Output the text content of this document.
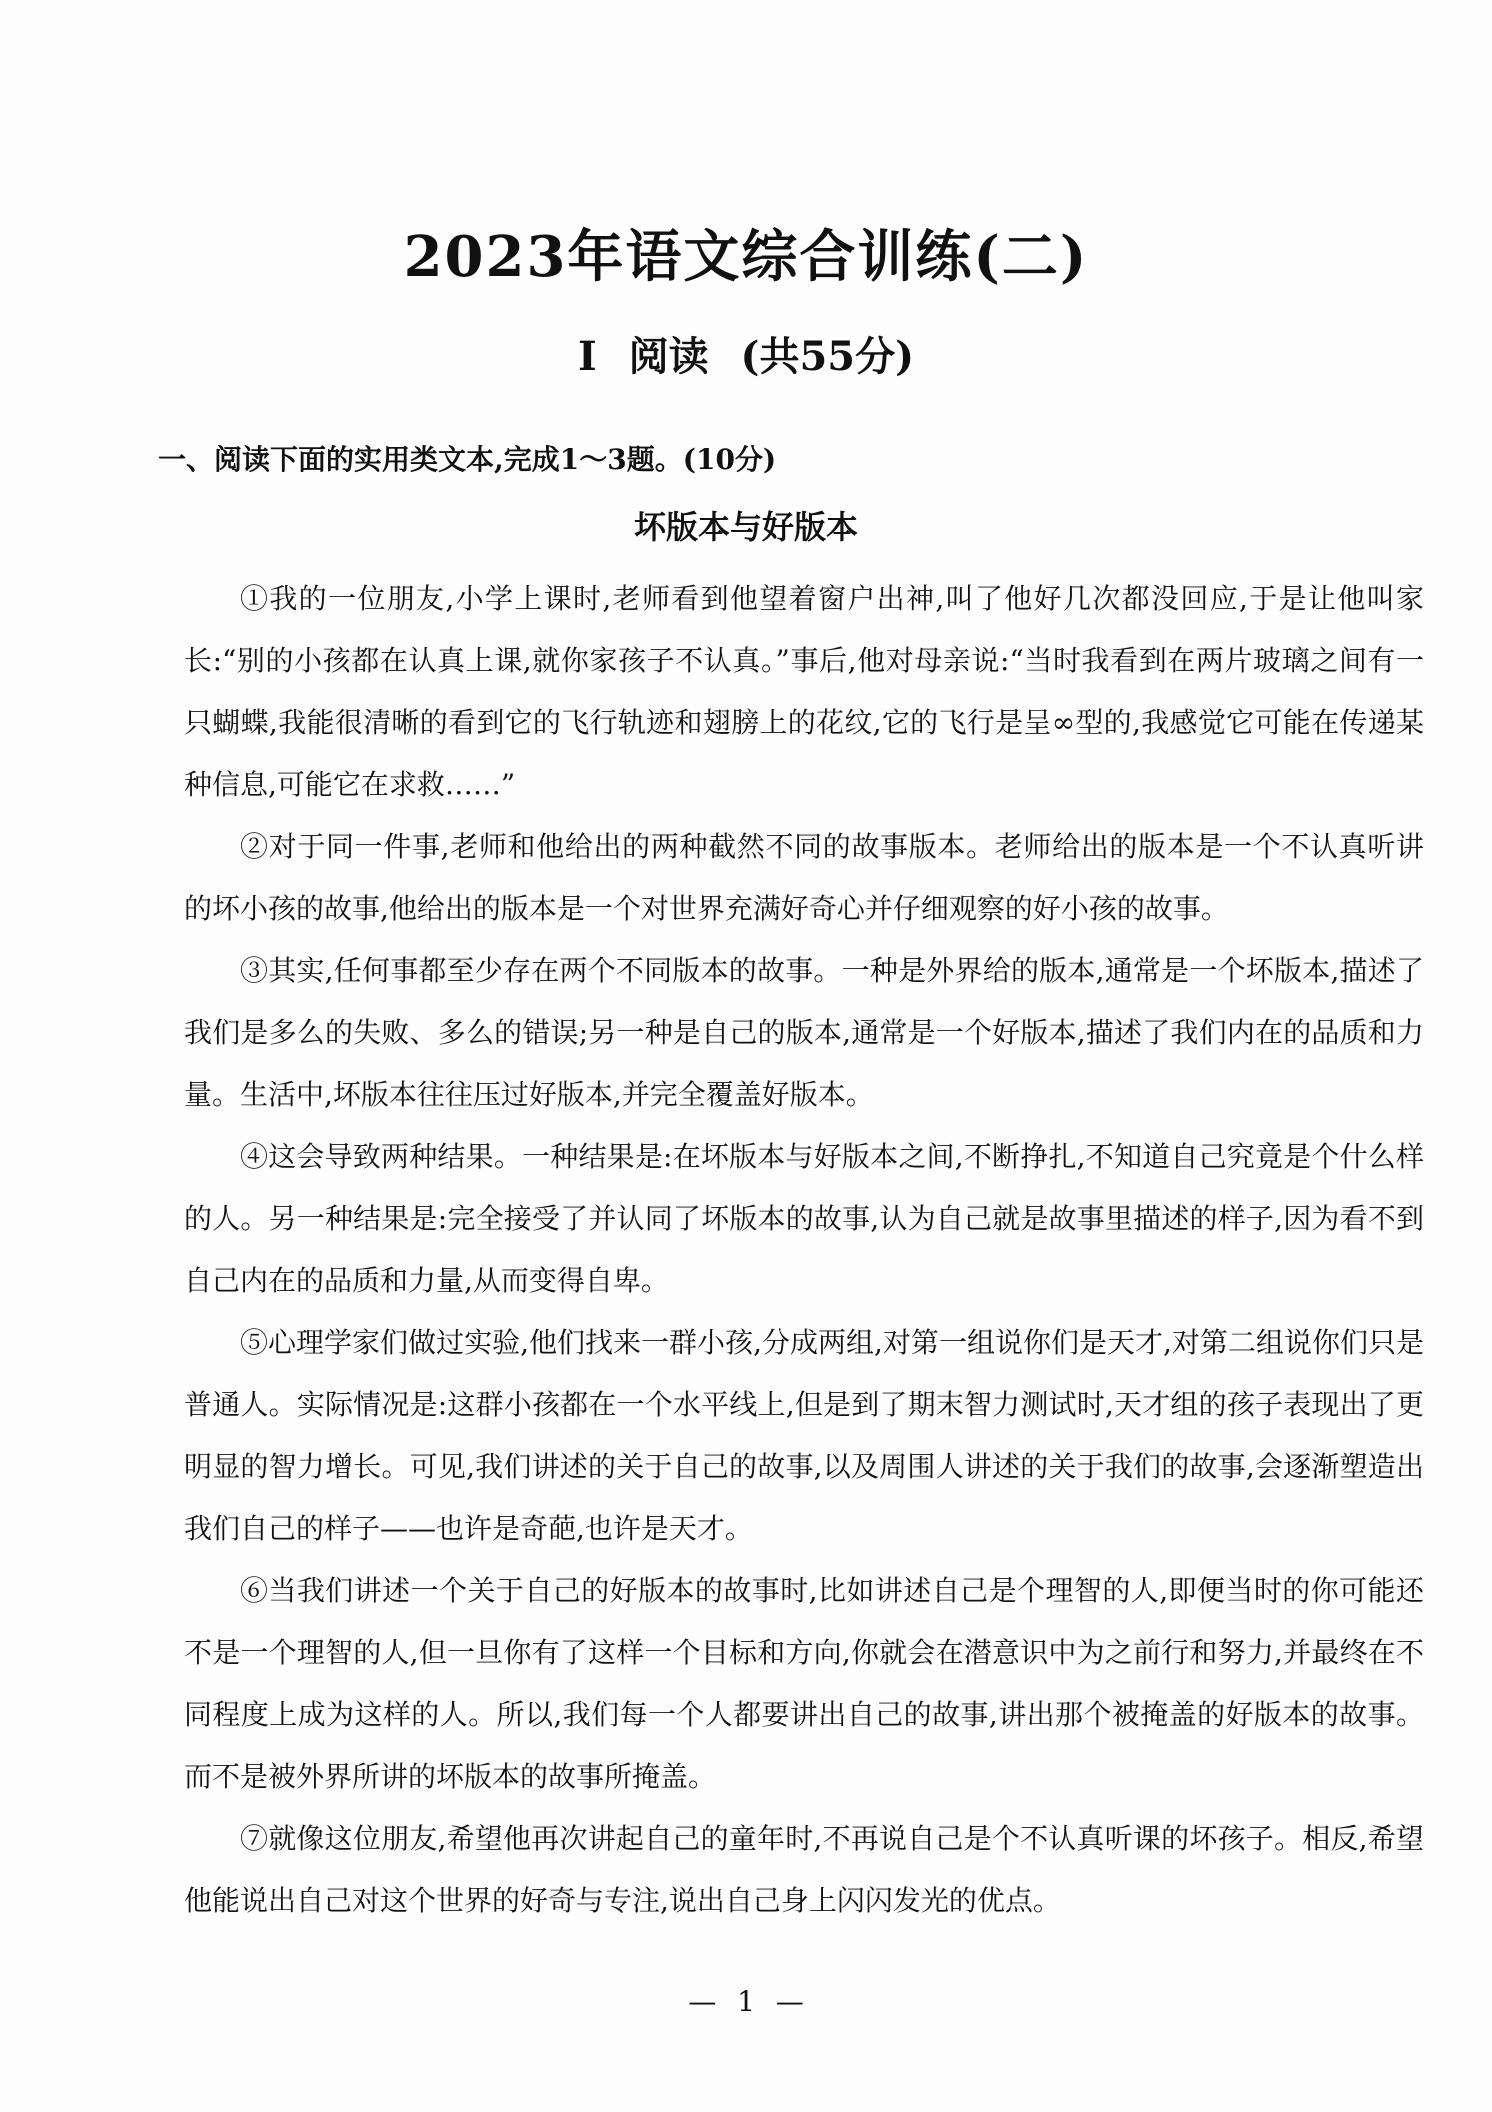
2023年语文综合训练(二)
Ⅰ 阅读 (共55分)
一、阅读下面的实用类文本,完成1～3题。(10分)
坏版本与好版本

①我的一位朋友,小学上课时,老师看到他望着窗户出神,叫了他好几次都没回应,于是让他叫家长:“别的小孩都在认真上课,就你家孩子不认真。”事后,他对母亲说:“当时我看到在两片玻璃之间有一只蝴蝶,我能很清晰的看到它的飞行轨迹和翅膀上的花纹,它的飞行是呈∞型的,我感觉它可能在传递某种信息,可能它在求救……”

②对于同一件事,老师和他给出的两种截然不同的故事版本。老师给出的版本是一个不认真听讲的坏小孩的故事,他给出的版本是一个对世界充满好奇心并仔细观察的好小孩的故事。

③其实,任何事都至少存在两个不同版本的故事。一种是外界给的版本,通常是一个坏版本,描述了我们是多么的失败、多么的错误;另一种是自己的版本,通常是一个好版本,描述了我们内在的品质和力量。生活中,坏版本往往压过好版本,并完全覆盖好版本。

④这会导致两种结果。一种结果是:在坏版本与好版本之间,不断挣扎,不知道自己究竟是个什么样的人。另一种结果是:完全接受了并认同了坏版本的故事,认为自己就是故事里描述的样子,因为看不到自己内在的品质和力量,从而变得自卑。

⑤心理学家们做过实验,他们找来一群小孩,分成两组,对第一组说你们是天才,对第二组说你们只是普通人。实际情况是:这群小孩都在一个水平线上,但是到了期末智力测试时,天才组的孩子表现出了更明显的智力增长。可见,我们讲述的关于自己的故事,以及周围人讲述的关于我们的故事,会逐渐塑造出我们自己的样子——也许是奇葩,也许是天才。

⑥当我们讲述一个关于自己的好版本的故事时,比如讲述自己是个理智的人,即便当时的你可能还不是一个理智的人,但一旦你有了这样一个目标和方向,你就会在潜意识中为之前行和努力,并最终在不同程度上成为这样的人。所以,我们每一个人都要讲出自己的故事,讲出那个被掩盖的好版本的故事。而不是被外界所讲的坏版本的故事所掩盖。

⑦就像这位朋友,希望他再次讲起自己的童年时,不再说自己是个不认真听课的坏孩子。相反,希望他能说出自己对这个世界的好奇与专注,说出自己身上闪闪发光的优点。

— 1 —
